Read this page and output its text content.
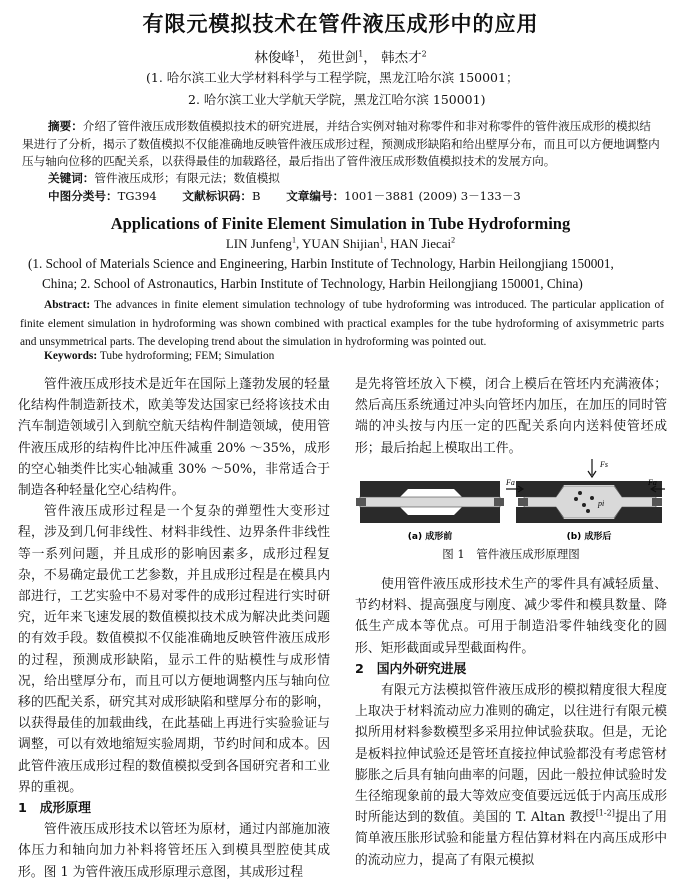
有限元模拟技术在管件液压成形中的应用
林俊峰$^1$， 苑世剑$^1$， 韩杰才$^2$
(1. 哈尔滨工业大学材料科学与工程学院，黑龙江哈尔滨 150001；
2. 哈尔滨工业大学航天学院，黑龙江哈尔滨 150001)
摘要：介绍了管件液压成形数值模拟技术的研究进展，并结合实例对轴对称零件和非对称零件的管件液压成形的模拟结果进行了分析，揭示了数值模拟不仅能准确地反映管件液压成形过程，预测成形缺陷和给出壁厚分布，而且可以方便地调整内压与轴向位移的匹配关系，以获得最佳的加载路径，最后指出了管件液压成形数值模拟技术的发展方向。
关键词：管件液压成形；有限元法；数值模拟
中图分类号：TG394 文献标识码：B 文章编号：1001－3881 (2009) 3－133－3
Applications of Finite Element Simulation in Tube Hydroforming
LIN Junfeng$^1$, YUAN Shijian$^1$, HAN Jiecai$^2$
(1. School of Materials Science and Engineering, Harbin Institute of Technology, Harbin Heilongjiang 150001,
China; 2. School of Astronautics, Harbin Institute of Technology, Harbin Heilongjiang 150001, China)
Abstract: The advances in finite element simulation technology of tube hydroforming was introduced. The particular application of finite element simulation in hydroforming was shown combined with practical examples for the tube hydroforming of axisymmetric parts and unsymmetrical parts. The developing trend about the simulation in hydroforming was pointed out.
Keywords: Tube hydroforming; FEM; Simulation

管件液压成形技术是近年在国际上蓬勃发展的轻量化结构件制造新技术，欧美等发达国家已经将该技术由汽车制造领域引入到航空航天结构件制造领域，使用管件液压成形的结构件比冲压件减重 20% ～35%，成形的空心轴类件比实心轴减重 30% ～50%，非常适合于制造各种轻量化空心结构件。

管件液压成形过程是一个复杂的弹塑性大变形过程，涉及到几何非线性、材料非线性、边界条件非线性等一系列问题，并且成形的影响因素多，成形过程复杂，不易确定最优工艺参数，并且成形过程是在模具内部进行，工艺实验中不易对零件的成形过程进行实时研究，近年来飞速发展的数值模拟技术成为解决此类问题的有效手段。数值模拟不仅能准确地反映管件液压成形的过程，预测成形缺陷，显示工件的贴模性与成形情况，给出壁厚分布，而且可以方便地调整内压与轴向位移的匹配关系，研究其对成形缺陷和壁厚分布的影响，以获得最佳的加载曲线，在此基础上再进行实验验证与调整，可以有效地缩短实验周期，节约时间和成本。因此管件液压成形过程的数值模拟受到各国研究者和工业界的重视。

1　成形原理

管件液压成形技术以管坯为原材，通过内部施加液体压力和轴向加力补料将管坯压入到模具型腔使其成形。图 1 为管件液压成形原理示意图，其成形过程

是先将管坯放入下模，闭合上模后在管坯内充满液体；然后高压系统通过冲头向管坯内加压，在加压的同时管端的冲头按与内压一定的匹配关系向内送料使管坯成形；最后抬起上模取出工件。

Fs
Fa	Fa
pi
(a) 成形前	(b) 成形后
图 1　管件液压成形原理图

使用管件液压成形技术生产的零件具有减轻质量、节约材料、提高强度与刚度、减少零件和模具数量、降低生产成本等优点。可用于制造沿零件轴线变化的圆形、矩形截面或异型截面构件。

2　国内外研究进展

有限元方法模拟管件液压成形的模拟精度很大程度上取决于材料流动应力准则的确定，以往进行有限元模拟所用材料参数模型多采用拉伸试验获取。但是，无论是板料拉伸试验还是管坯直接拉伸试验都没有考虑管材膨胀之后具有轴向曲率的问题，因此一般拉伸试验时发生径缩现象前的最大等效应变值要远远低于内高压成形时所能达到的数值。美国的 T. Altan 教授[1-2]提出了用简单液压胀形试验和能量方程估算材料在内高压成形中的流动应力，提高了有限元模拟
